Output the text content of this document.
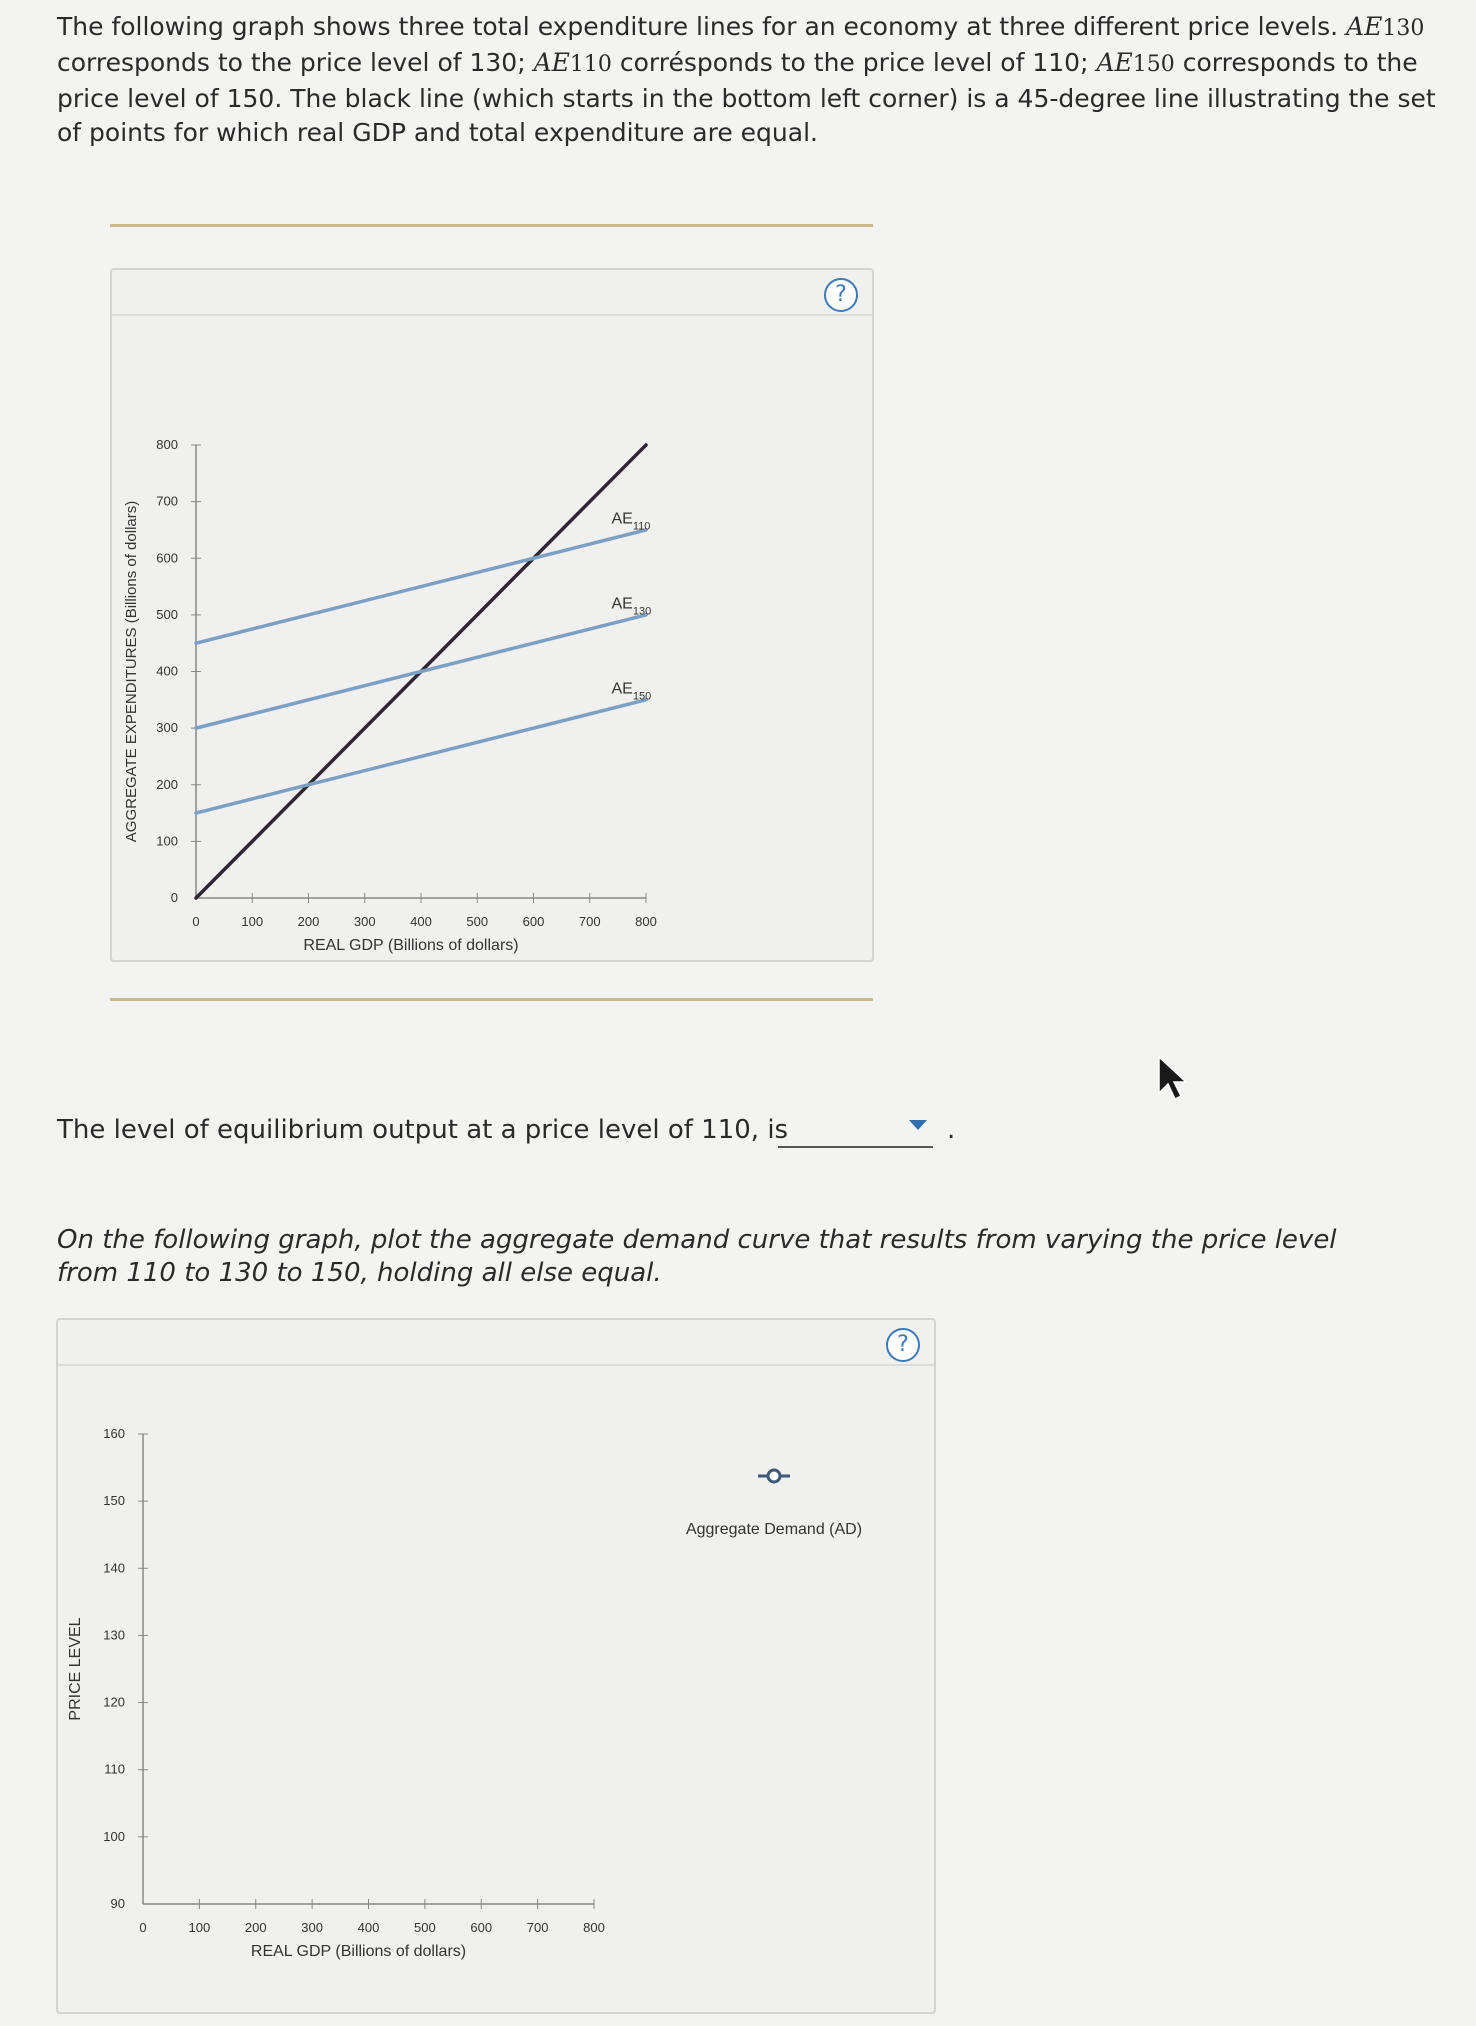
The following graph shows three total expenditure lines for an economy at three different price levels. AE130 corresponds to the price level of 130; AE110 corrésponds to the price level of 110; AE150 corresponds to the price level of 150. The black line (which starts in the bottom left corner) is a 45-degree line illustrating the set of points for which real GDP and total expenditure are equal.
?
0	100	200	300	400	500	600	700	800
0
100
200
300
400
500
600
700
800
REAL GDP (Billions of dollars)
AGGREGATE EXPENDITURES (Billions of dollars)	$AE_{110}$
$AE_{130}$
$AE_{150}$
The level of equilibrium output at a price level of 110, is	.
On the following graph, plot the aggregate demand curve that results from varying the price level from 110 to 130 to 150, holding all else equal.
?
0	100	200	300	400	500	600	700	800
90
100
110
120
130
140
150
160
REAL GDP (Billions of dollars)
PRICE LEVEL
Aggregate Demand (AD)
